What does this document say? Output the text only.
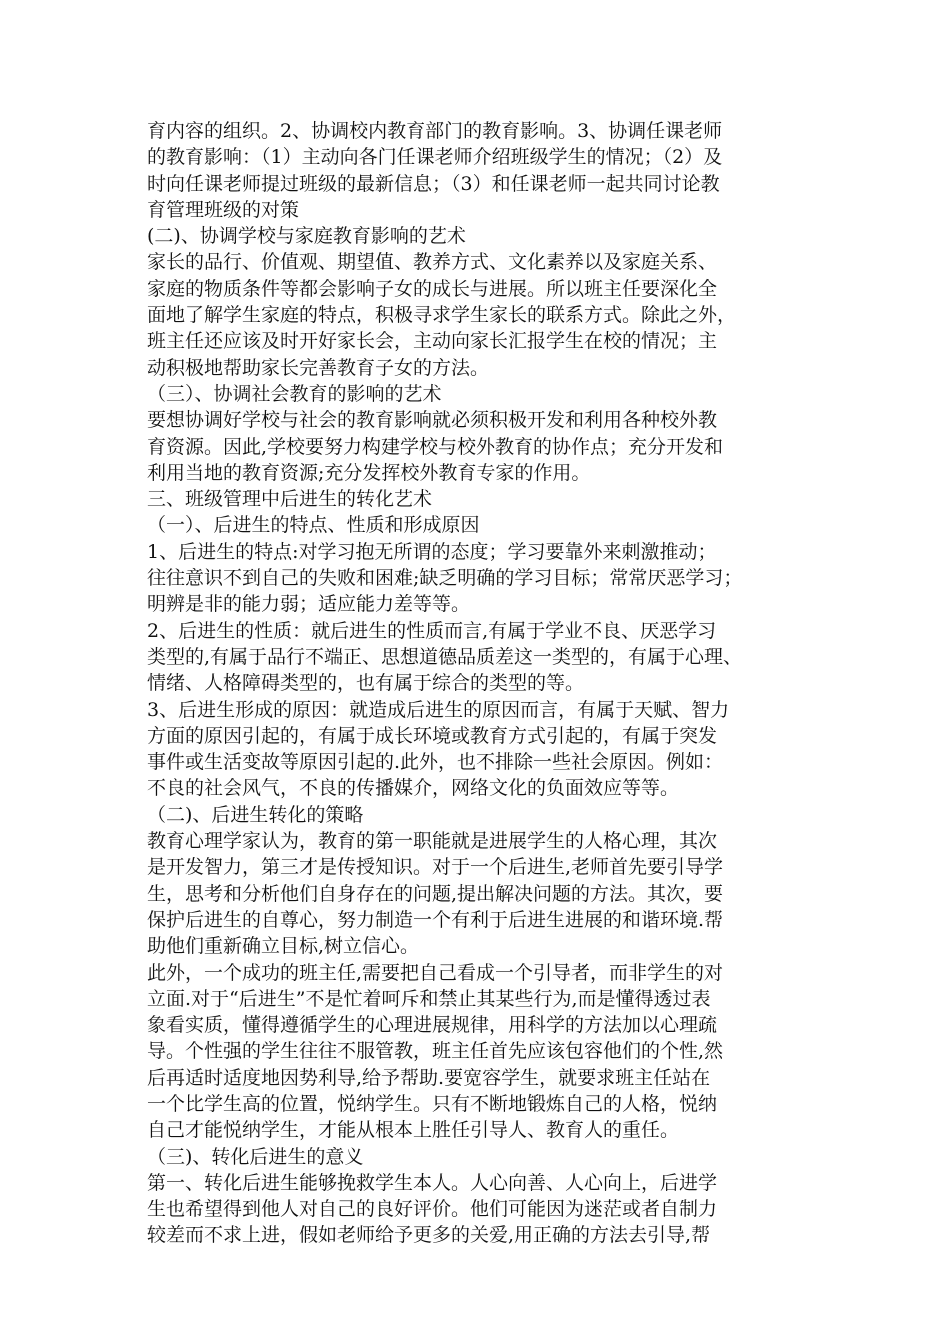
育内容的组织。2、协调校内教育部门的教育影响。3、协调任课老师
的教育影响：（1）主动向各门任课老师介绍班级学生的情况；（2）及
时向任课老师提过班级的最新信息；（3）和任课老师一起共同讨论教
育管理班级的对策
(二)、协调学校与家庭教育影响的艺术
家长的品行、价值观、期望值、教养方式、文化素养以及家庭关系、
家庭的物质条件等都会影响子女的成长与进展。所以班主任要深化全
面地了解学生家庭的特点，积极寻求学生家长的联系方式。除此之外，
班主任还应该及时开好家长会，主动向家长汇报学生在校的情况；主
动积极地帮助家长完善教育子女的方法。
（三）、协调社会教育的影响的艺术
要想协调好学校与社会的教育影响就必须积极开发和利用各种校外教
育资源。因此,学校要努力构建学校与校外教育的协作点；充分开发和
利用当地的教育资源;充分发挥校外教育专家的作用。
三、班级管理中后进生的转化艺术
（一）、后进生的特点、性质和形成原因
1、后进生的特点:对学习抱无所谓的态度；学习要靠外来刺激推动；
往往意识不到自己的失败和困难;缺乏明确的学习目标；常常厌恶学习；
明辨是非的能力弱；适应能力差等等。
2、后进生的性质：就后进生的性质而言,有属于学业不良、厌恶学习
类型的,有属于品行不端正、思想道德品质差这一类型的，有属于心理、
情绪、人格障碍类型的，也有属于综合的类型的等。
3、后进生形成的原因：就造成后进生的原因而言，有属于天赋、智力
方面的原因引起的，有属于成长环境或教育方式引起的，有属于突发
事件或生活变故等原因引起的.此外，也不排除一些社会原因。例如：
不良的社会风气，不良的传播媒介，网络文化的负面效应等等。
（二)、后进生转化的策略
教育心理学家认为，教育的第一职能就是进展学生的人格心理，其次
是开发智力，第三才是传授知识。对于一个后进生,老师首先要引导学
生，思考和分析他们自身存在的问题,提出解决问题的方法。其次，要
保护后进生的自尊心，努力制造一个有利于后进生进展的和谐环境.帮
助他们重新确立目标,树立信心。
此外，一个成功的班主任,需要把自己看成一个引导者，而非学生的对
立面.对于“后进生”不是忙着呵斥和禁止其某些行为,而是懂得透过表
象看实质，懂得遵循学生的心理进展规律，用科学的方法加以心理疏
导。个性强的学生往往不服管教，班主任首先应该包容他们的个性,然
后再适时适度地因势利导,给予帮助.要宽容学生，就要求班主任站在
一个比学生高的位置，悦纳学生。只有不断地锻炼自己的人格，悦纳
自己才能悦纳学生，才能从根本上胜任引导人、教育人的重任。
（三)、转化后进生的意义
第一、转化后进生能够挽救学生本人。人心向善、人心向上，后进学
生也希望得到他人对自己的良好评价。他们可能因为迷茫或者自制力
较差而不求上进，假如老师给予更多的关爱,用正确的方法去引导,帮
